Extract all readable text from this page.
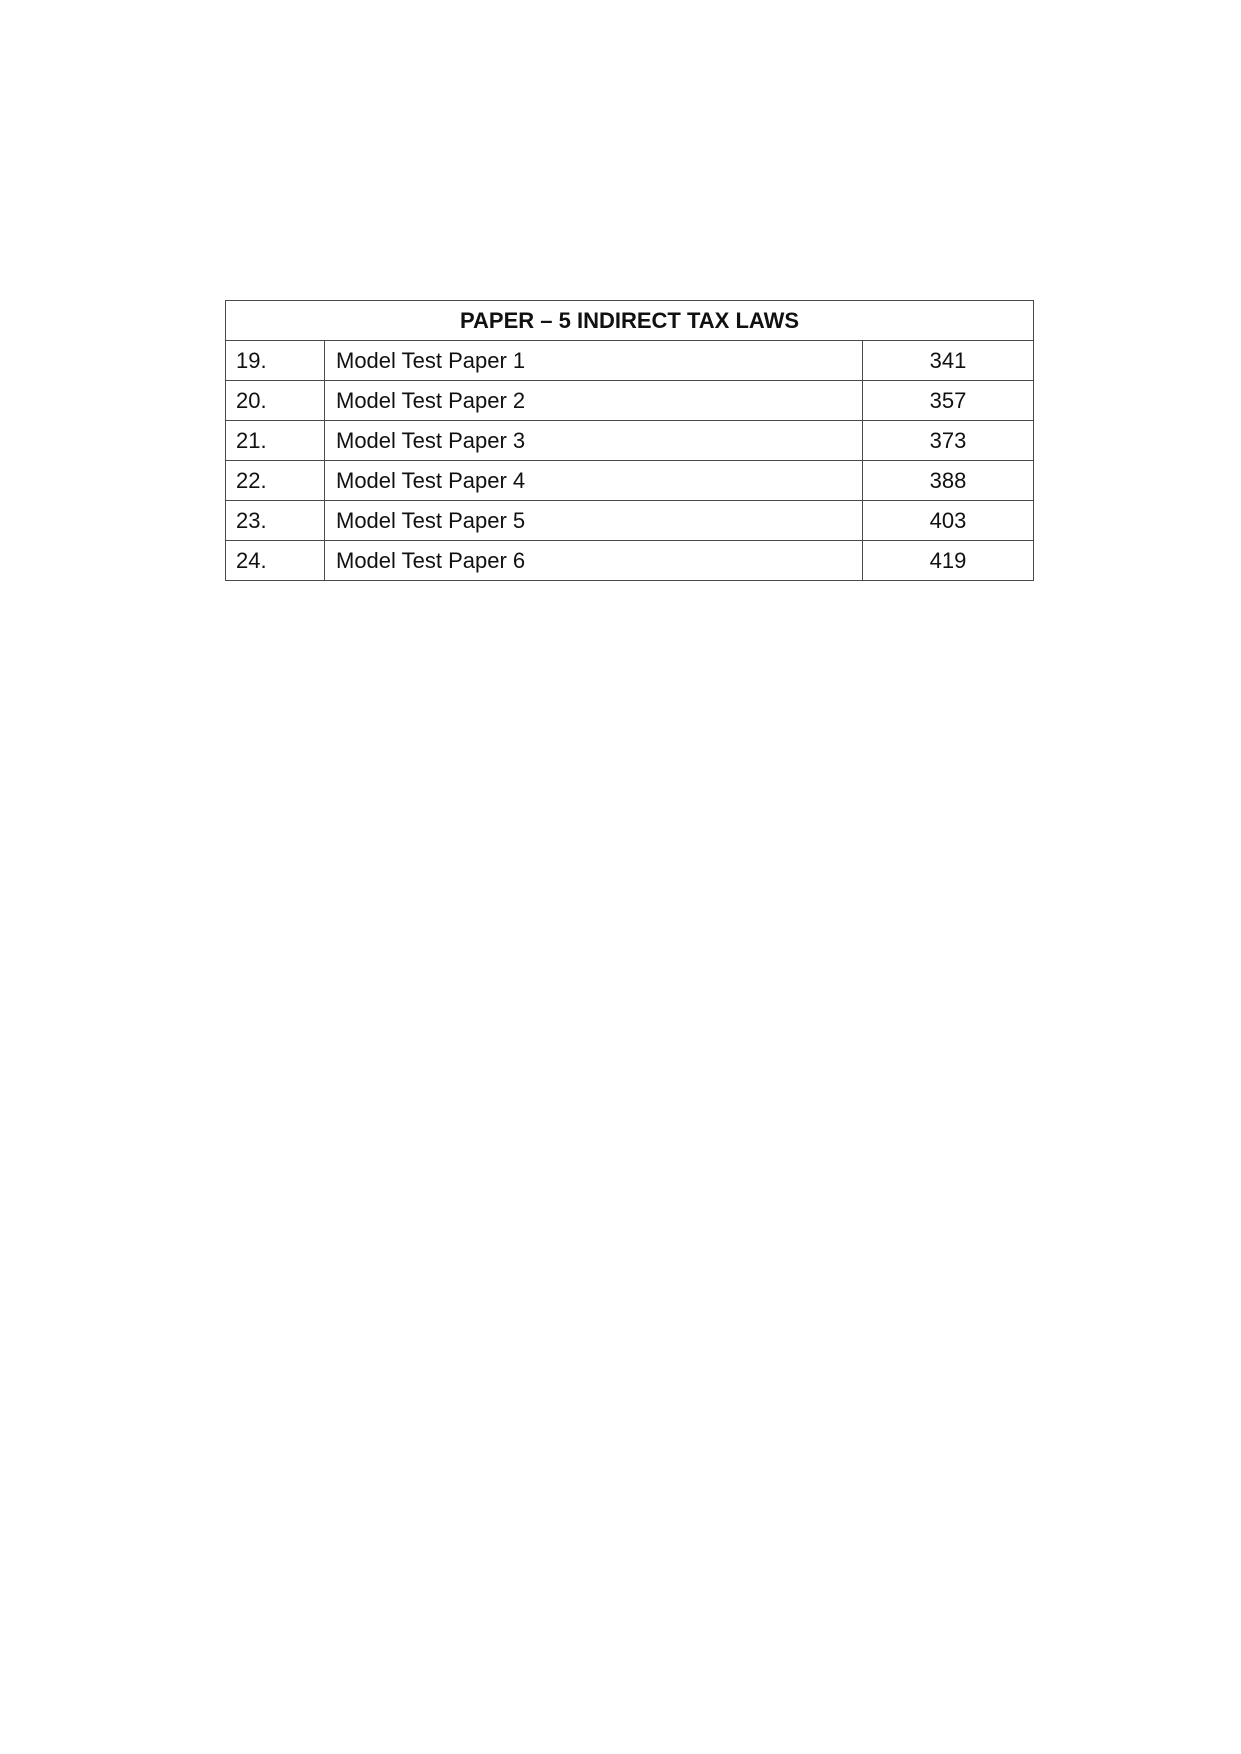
PAPER – 5 INDIRECT TAX LAWS		
19.	Model Test Paper 1	341
20.	Model Test Paper 2	357
21.	Model Test Paper 3	373
22.	Model Test Paper 4	388
23.	Model Test Paper 5	403
24.	Model Test Paper 6	419
